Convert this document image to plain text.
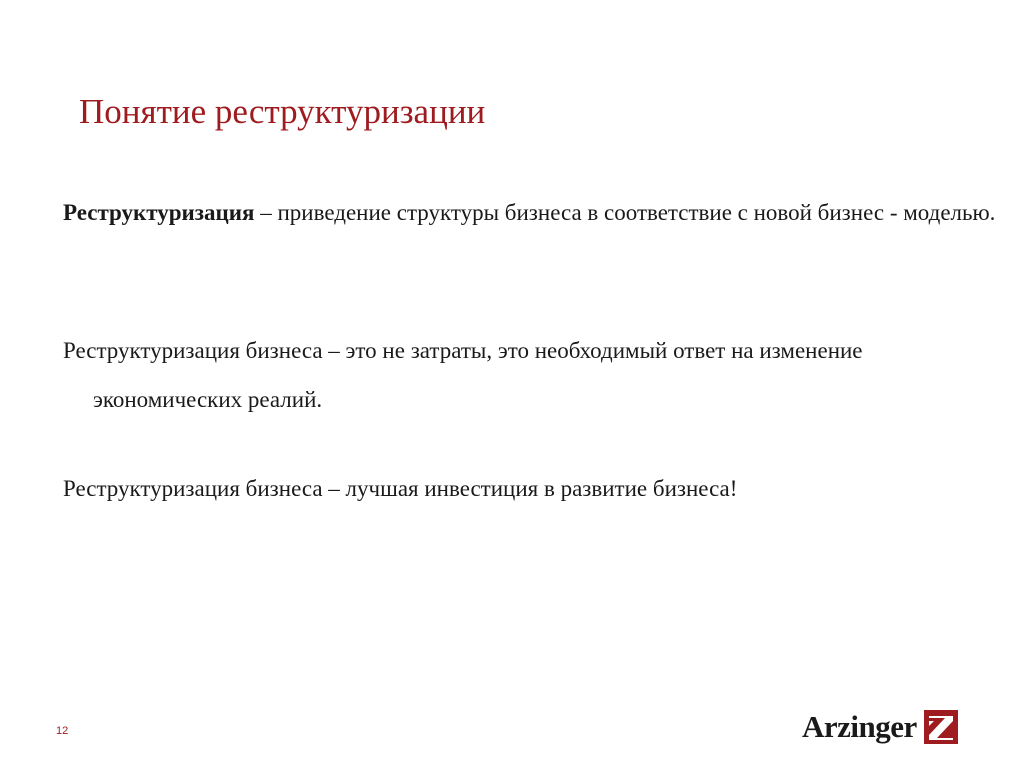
Понятие реструктуризации

Реструктуризация – приведение структуры бизнеса в соответствие с новой бизнес - моделью.

Реструктуризация бизнеса – это не затраты, это необходимый ответ на изменение экономических реалий.

Реструктуризация бизнеса – лучшая инвестиция в развитие бизнеса!

12	Arzinger
